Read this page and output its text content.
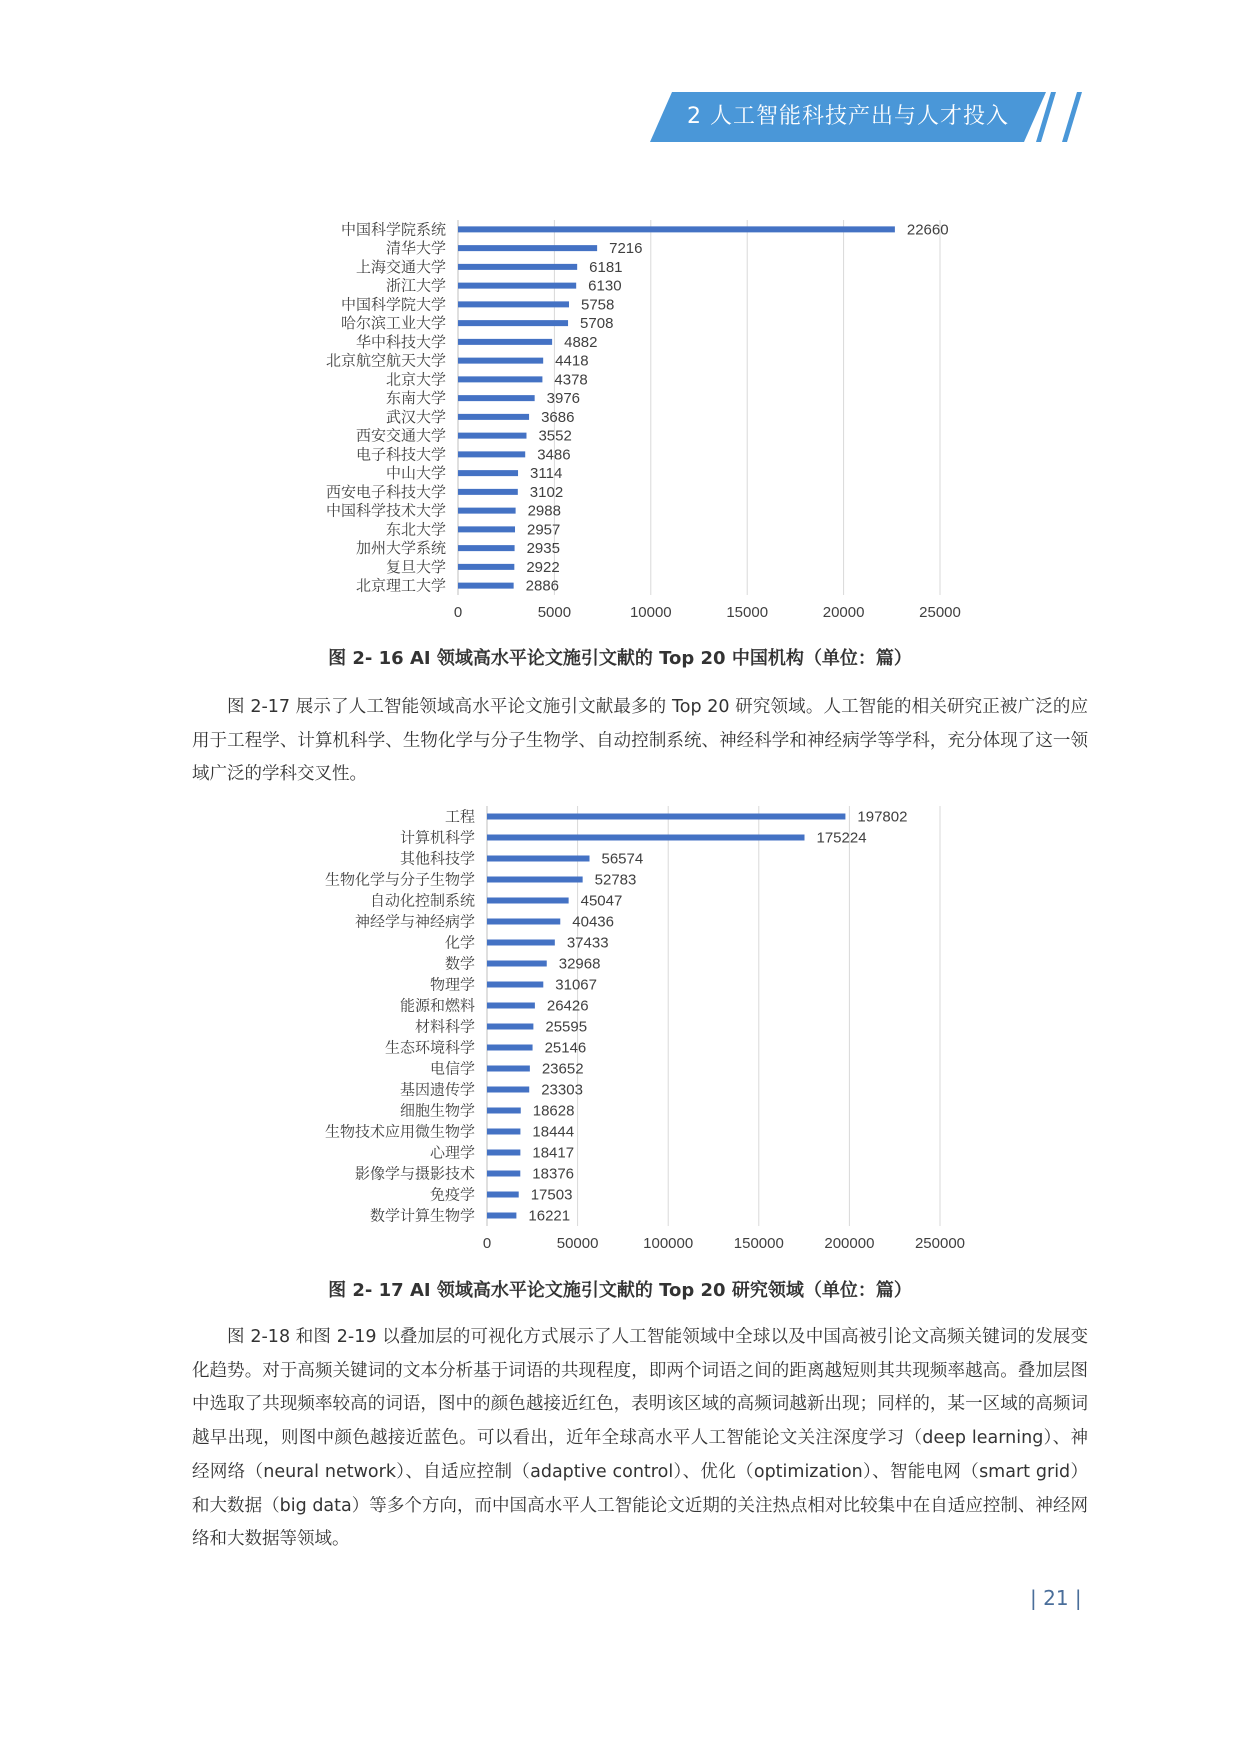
2 人工智能科技产出与人才投入
0	5000	10000	15000	20000	25000
中国科学院系统	22660
清华大学	7216
上海交通大学	6181
浙江大学	6130
中国科学院大学	5758
哈尔滨工业大学	5708
华中科技大学	4882
北京航空航天大学	4418
北京大学	4378
东南大学	3976
武汉大学	3686
西安交通大学	3552
电子科技大学	3486
中山大学	3114
西安电子科技大学	3102
中国科学技术大学	2988
东北大学	2957
加州大学系统	2935
复旦大学	2922
北京理工大学	2886
图 2- 16 AI 领域高水平论文施引文献的 Top 20 中国机构（单位：篇）

图 2-17 展示了人工智能领域高水平论文施引文献最多的 Top 20 研究领域。人工智能的相关研究正被广泛的应用于工程学、计算机科学、生物化学与分子生物学、自动控制系统、神经科学和神经病学等学科，充分体现了这一领域广泛的学科交叉性。

0	50000	100000	150000	200000	250000
工程	197802
计算机科学	175224
其他科技学	56574
生物化学与分子生物学	52783
自动化控制系统	45047
神经学与神经病学	40436
化学	37433
数学	32968
物理学	31067
能源和燃料	26426
材料科学	25595
生态环境科学	25146
电信学	23652
基因遗传学	23303
细胞生物学	18628
生物技术应用微生物学	18444
心理学	18417
影像学与摄影技术	18376
免疫学	17503
数学计算生物学	16221
图 2- 17 AI 领域高水平论文施引文献的 Top 20 研究领域（单位：篇）

图 2-18 和图 2-19 以叠加层的可视化方式展示了人工智能领域中全球以及中国高被引论文高频关键词的发展变化趋势。对于高频关键词的文本分析基于词语的共现程度，即两个词语之间的距离越短则其共现频率越高。叠加层图中选取了共现频率较高的词语，图中的颜色越接近红色，表明该区域的高频词越新出现；同样的，某一区域的高频词越早出现，则图中颜色越接近蓝色。可以看出，近年全球高水平人工智能论文关注深度学习（deep learning）、神经网络（neural network）、自适应控制（adaptive control）、优化（optimization）、智能电网（smart grid）和大数据（big data）等多个方向，而中国高水平人工智能论文近期的关注热点相对比较集中在自适应控制、神经网络和大数据等领域。

| 21 |
